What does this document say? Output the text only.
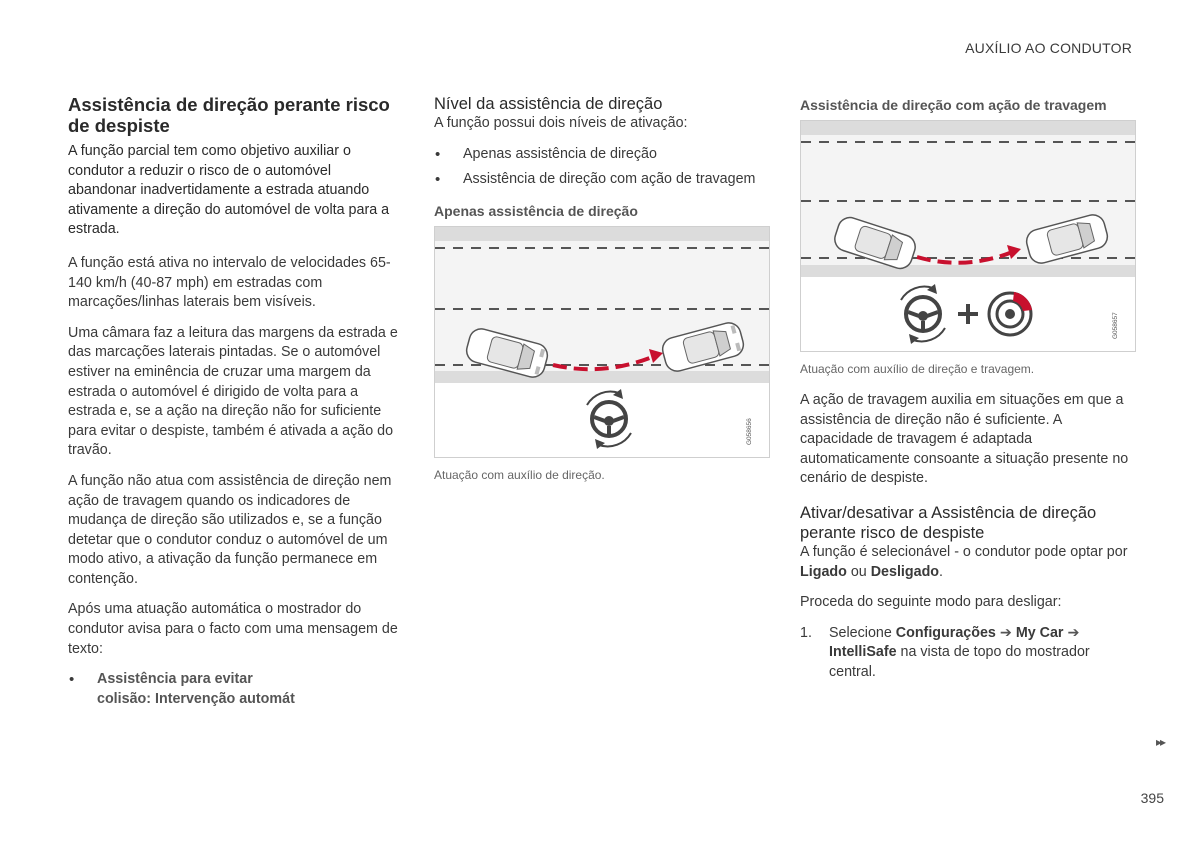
AUXÍLIO AO CONDUTOR
Assistência de direção perante risco de despiste

A função parcial tem como objetivo auxiliar o condutor a reduzir o risco de o automóvel abandonar inadvertidamente a estrada atuando ativamente a direção do automóvel de volta para a estrada.

A função está ativa no intervalo de velocidades 65-140 km/h (40-87 mph) em estradas com marcações/linhas laterais bem visíveis.

Uma câmara faz a leitura das margens da estrada e das marcações laterais pintadas. Se o automóvel estiver na eminência de cruzar uma margem da estrada o automóvel é dirigido de volta para a estrada e, se a ação na direção não for suficiente para evitar o despiste, também é ativada a ação do travão.

A função não atua com assistência de direção nem ação de travagem quando os indicadores de mudança de direção são utilizados e, se a função detetar que o condutor conduz o automóvel de um modo ativo, a ativação da função permanece em contenção.

Após uma atuação automática o mostrador do condutor avisa para o facto com uma mensagem de texto:

• Assistência para evitar
colisão: Intervenção automát
Nível da assistência de direção

A função possui dois níveis de ativação:

• Apenas assistência de direção
• Assistência de direção com ação de travagem
Apenas assistência de direção
G058656
Atuação com auxílio de direção.
Assistência de direção com ação de travagem
G058657
Atuação com auxílio de direção e travagem.

A ação de travagem auxilia em situações em que a assistência de direção não é suficiente. A capacidade de travagem é adaptada automaticamente consoante a situação presente no cenário de despiste.

Ativar/desativar a Assistência de direção perante risco de despiste

A função é selecionável - o condutor pode optar por Ligado ou Desligado.

Proceda do seguinte modo para desligar:

1. Selecione Configurações ➔ My Car ➔ IntelliSafe na vista de topo do mostrador central.
▸▸
395
